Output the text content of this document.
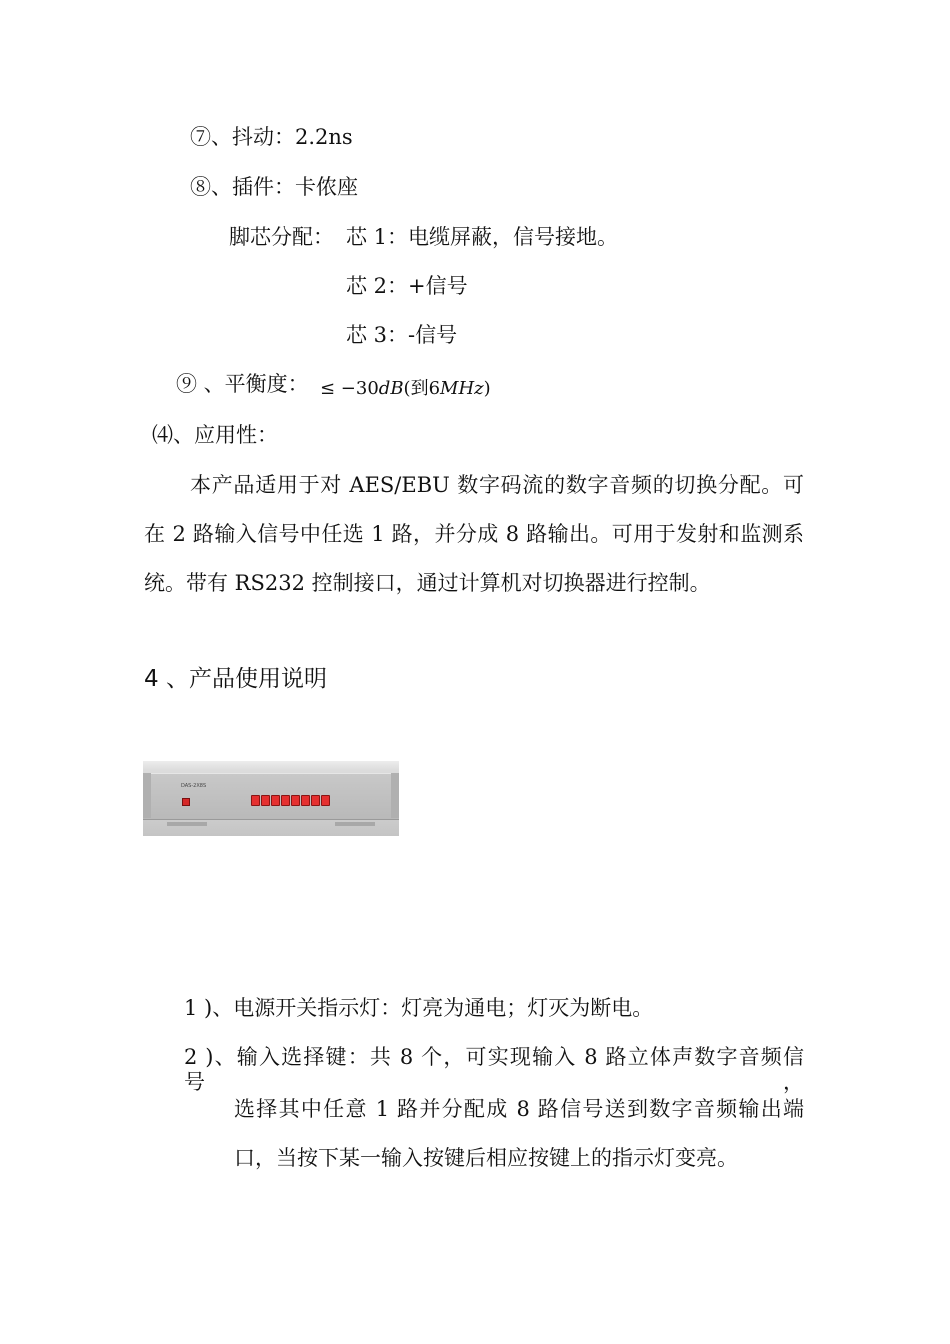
⑦、抖动：2.2ns
⑧、插件：卡侬座
脚芯分配： 芯 1：电缆屏蔽，信号接地。
芯 2：+信号
芯 3：-信号
⑨ 、平衡度： ≤ −30dB(到6MHz)
⑷、应用性：
本产品适用于对 AES/EBU 数字码流的数字音频的切换分配。可
在 2 路输入信号中任选 1 路，并分成 8 路输出。可用于发射和监测系
统。带有 RS232 控制接口，通过计算机对切换器进行控制。
4 、产品使用说明
DAS-2X8S
1 )、电源开关指示灯：灯亮为通电；灯灭为断电。
2 )、输入选择键：共 8 个，可实现输入 8 路立体声数字音频信号，
选择其中任意 1 路并分配成 8 路信号送到数字音频输出端
口，当按下某一输入按键后相应按键上的指示灯变亮。
